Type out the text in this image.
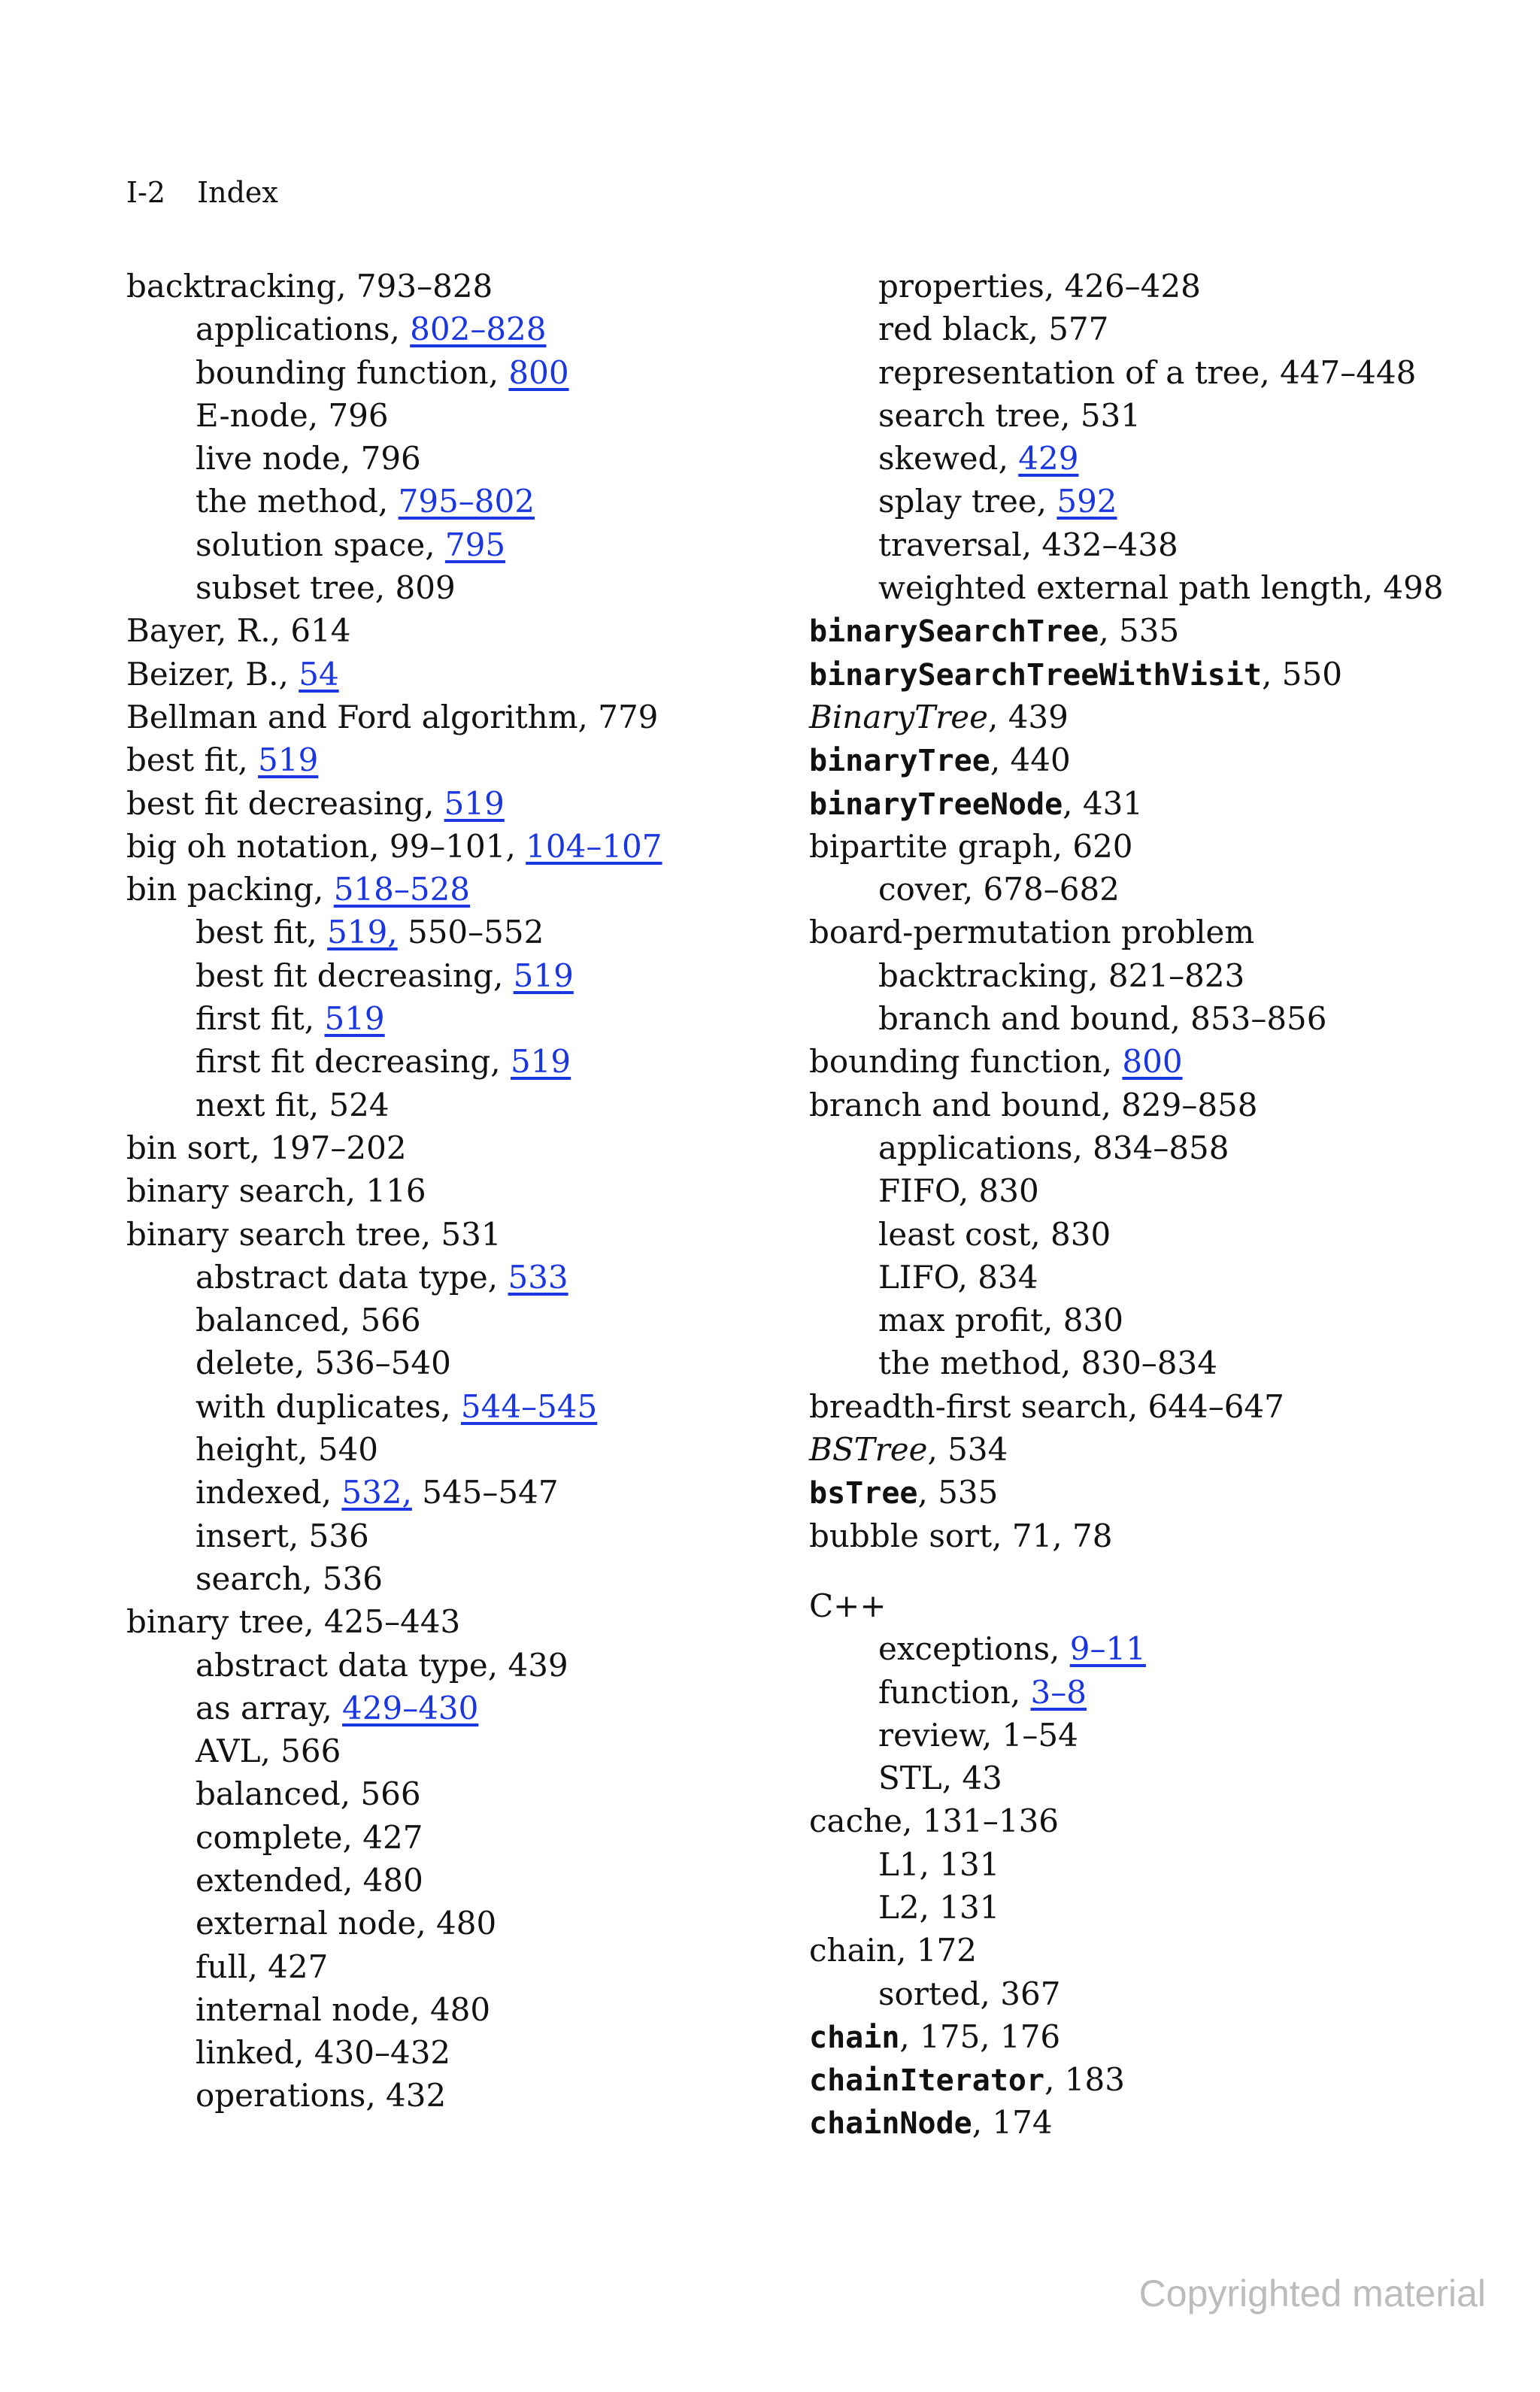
I-2 Index
backtracking, 793–828
applications, 802–828
bounding function, 800
E-node, 796
live node, 796
the method, 795–802
solution space, 795
subset tree, 809
Bayer, R., 614
Beizer, B., 54
Bellman and Ford algorithm, 779
best fit, 519
best fit decreasing, 519
big oh notation, 99–101, 104–107
bin packing, 518–528
best fit, 519, 550–552
best fit decreasing, 519
first fit, 519
first fit decreasing, 519
next fit, 524
bin sort, 197–202
binary search, 116
binary search tree, 531
abstract data type, 533
balanced, 566
delete, 536–540
with duplicates, 544–545
height, 540
indexed, 532, 545–547
insert, 536
search, 536
binary tree, 425–443
abstract data type, 439
as array, 429–430
AVL, 566
balanced, 566
complete, 427
extended, 480
external node, 480
full, 427
internal node, 480
linked, 430–432
operations, 432
properties, 426–428
red black, 577
representation of a tree, 447–448
search tree, 531
skewed, 429
splay tree, 592
traversal, 432–438
weighted external path length, 498
binarySearchTree, 535
binarySearchTreeWithVisit, 550
BinaryTree, 439
binaryTree, 440
binaryTreeNode, 431
bipartite graph, 620
cover, 678–682
board-permutation problem
backtracking, 821–823
branch and bound, 853–856
bounding function, 800
branch and bound, 829–858
applications, 834–858
FIFO, 830
least cost, 830
LIFO, 834
max profit, 830
the method, 830–834
breadth-first search, 644–647
BSTree, 534
bsTree, 535
bubble sort, 71, 78
C++
exceptions, 9–11
function, 3–8
review, 1–54
STL, 43
cache, 131–136
L1, 131
L2, 131
chain, 172
sorted, 367
chain, 175, 176
chainIterator, 183
chainNode, 174
Copyrighted material
